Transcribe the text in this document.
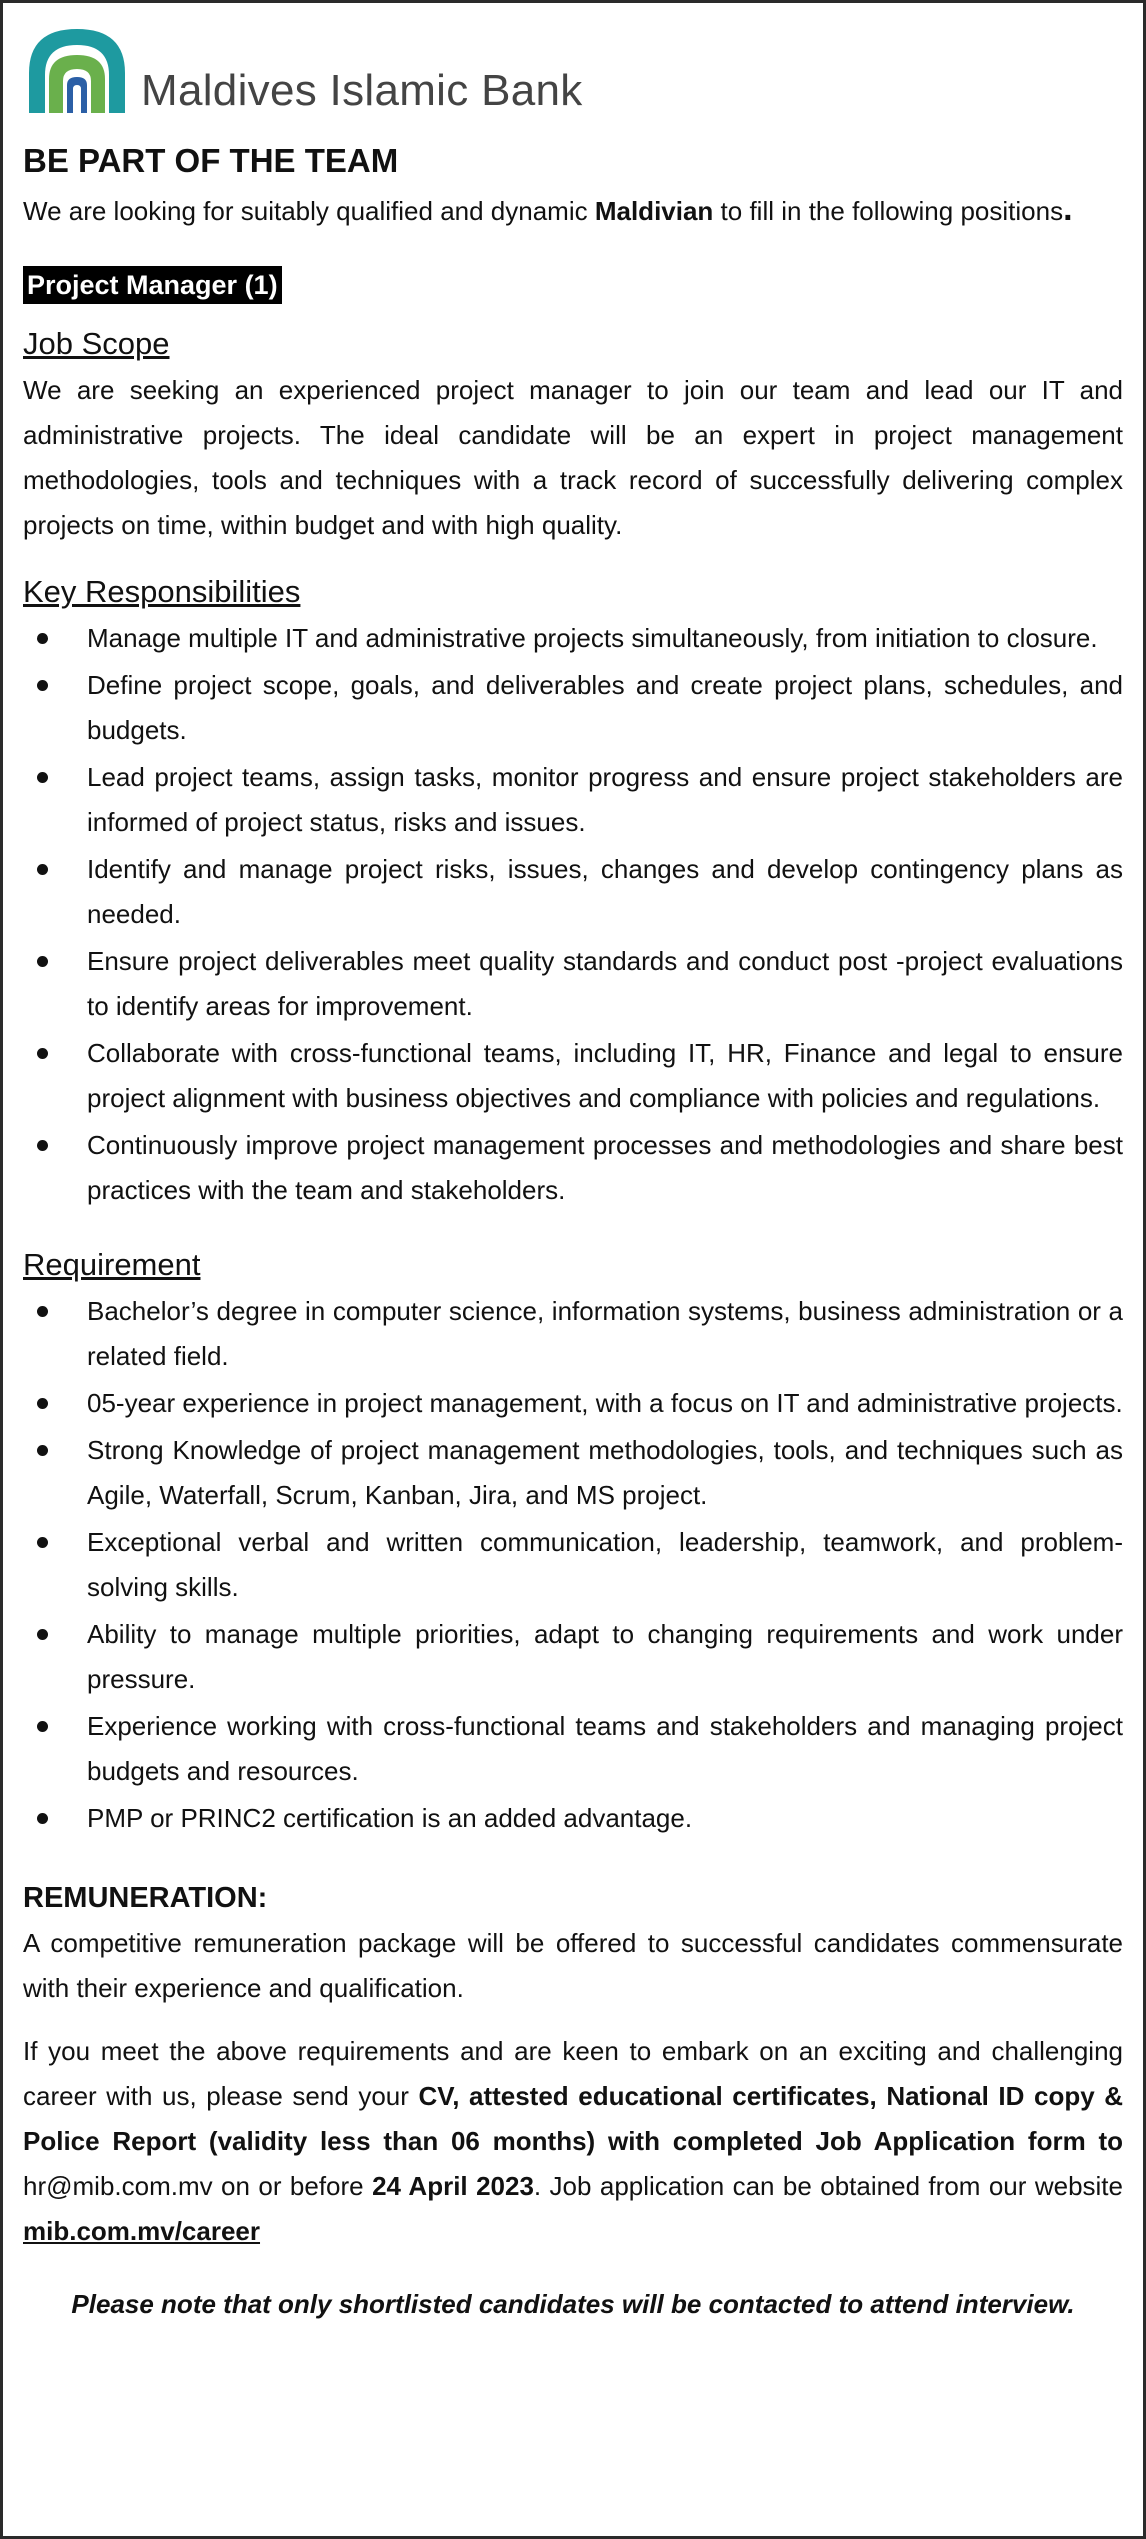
Maldives Islamic Bank
BE PART OF THE TEAM

We are looking for suitably qualified and dynamic Maldivian to fill in the following positions.

Project Manager (1)
Job Scope

We are seeking an experienced project manager to join our team and lead our IT and administrative projects. The ideal candidate will be an expert in project management methodologies, tools and techniques with a track record of successfully delivering complex projects on time, within budget and with high quality.

Key Responsibilities
Manage multiple IT and administrative projects simultaneously, from initiation to closure.
Define project scope, goals, and deliverables and create project plans, schedules, and budgets.
Lead project teams, assign tasks, monitor progress and ensure project stakeholders are informed of project status, risks and issues.
Identify and manage project risks, issues, changes and develop contingency plans as needed.
Ensure project deliverables meet quality standards and conduct post -project evaluations to identify areas for improvement.
Collaborate with cross-functional teams, including IT, HR, Finance and legal to ensure project alignment with business objectives and compliance with policies and regulations.
Continuously improve project management processes and methodologies and share best practices with the team and stakeholders.
Requirement
Bachelor’s degree in computer science, information systems, business administration or a related field.
05-year experience in project management, with a focus on IT and administrative projects.
Strong Knowledge of project management methodologies, tools, and techniques such as Agile, Waterfall, Scrum, Kanban, Jira, and MS project.
Exceptional verbal and written communication, leadership, teamwork, and problem-solving skills.
Ability to manage multiple priorities, adapt to changing requirements and work under pressure.
Experience working with cross-functional teams and stakeholders and managing project budgets and resources.
PMP or PRINC2 certification is an added advantage.
REMUNERATION:

A competitive remuneration package will be offered to successful candidates commensurate with their experience and qualification.

If you meet the above requirements and are keen to embark on an exciting and challenging career with us, please send your CV, attested educational certificates, National ID copy & Police Report (validity less than 06 months) with completed Job Application form to hr@mib.com.mv on or before 24 April 2023. Job application can be obtained from our website mib.com.mv/career

Please note that only shortlisted candidates will be contacted to attend interview.
